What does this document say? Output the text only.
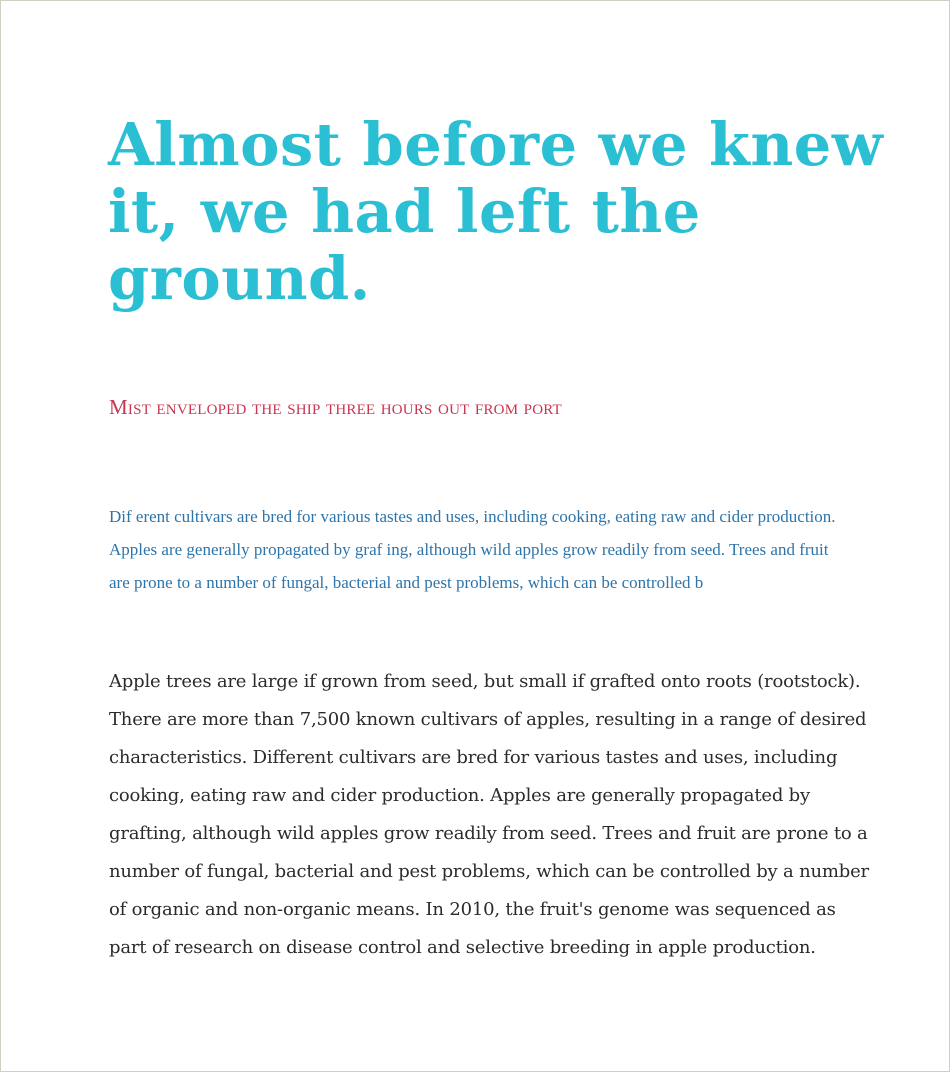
Almost before we knew it, we had left the ground.
Mist enveloped the ship three hours out from port

Dif erent cultivars are bred for various tastes and uses, including cooking, eating raw and cider production. Apples are generally propagated by graf ing, although wild apples grow readily from seed. Trees and fruit are prone to a number of fungal, bacterial and pest problems, which can be controlled b

Apple trees are large if grown from seed, but small if grafted onto roots (rootstock). There are more than 7,500 known cultivars of apples, resulting in a range of desired characteristics. Different cultivars are bred for various tastes and uses, including cooking, eating raw and cider production. Apples are generally propagated by grafting, although wild apples grow readily from seed. Trees and fruit are prone to a number of fungal, bacterial and pest problems, which can be controlled by a number of organic and non-organic means. In 2010, the fruit's genome was sequenced as part of research on disease control and selective breeding in apple production.
